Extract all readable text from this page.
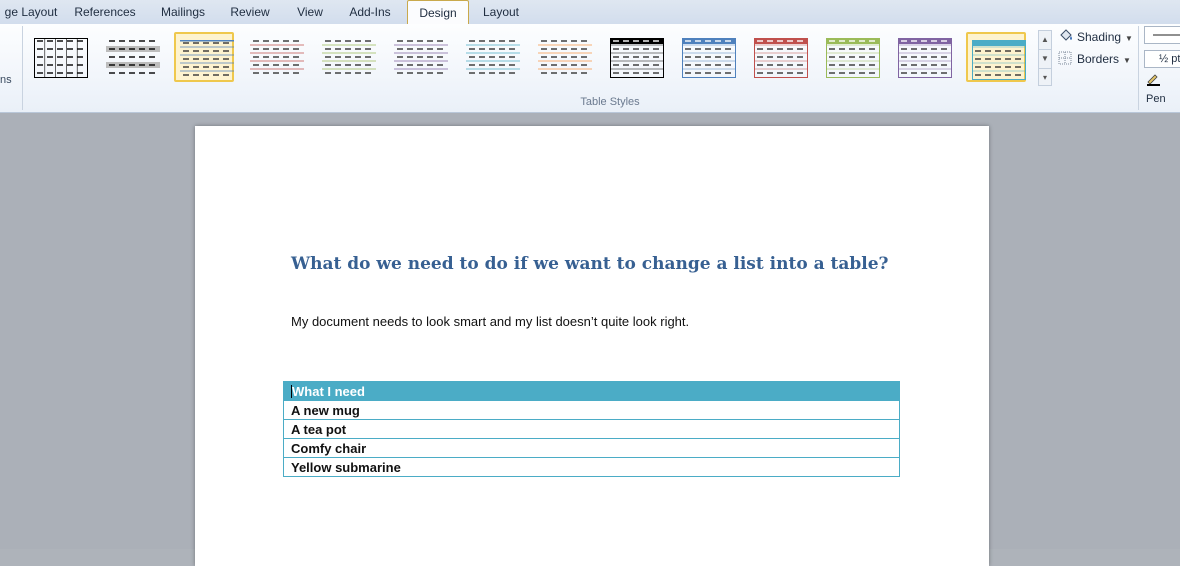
ge Layout	References	Mailings	Review	View	Add-Ins	Design	Layout
ns
▲
▼
▾
Shading ▼
Borders ▼	½ pt
Pen
Table Styles
What do we need to do if we want to change a list into a table?
My document needs to look smart and my list doesn’t quite look right.
What I need
A new mug
A tea pot
Comfy chair
Yellow submarine
